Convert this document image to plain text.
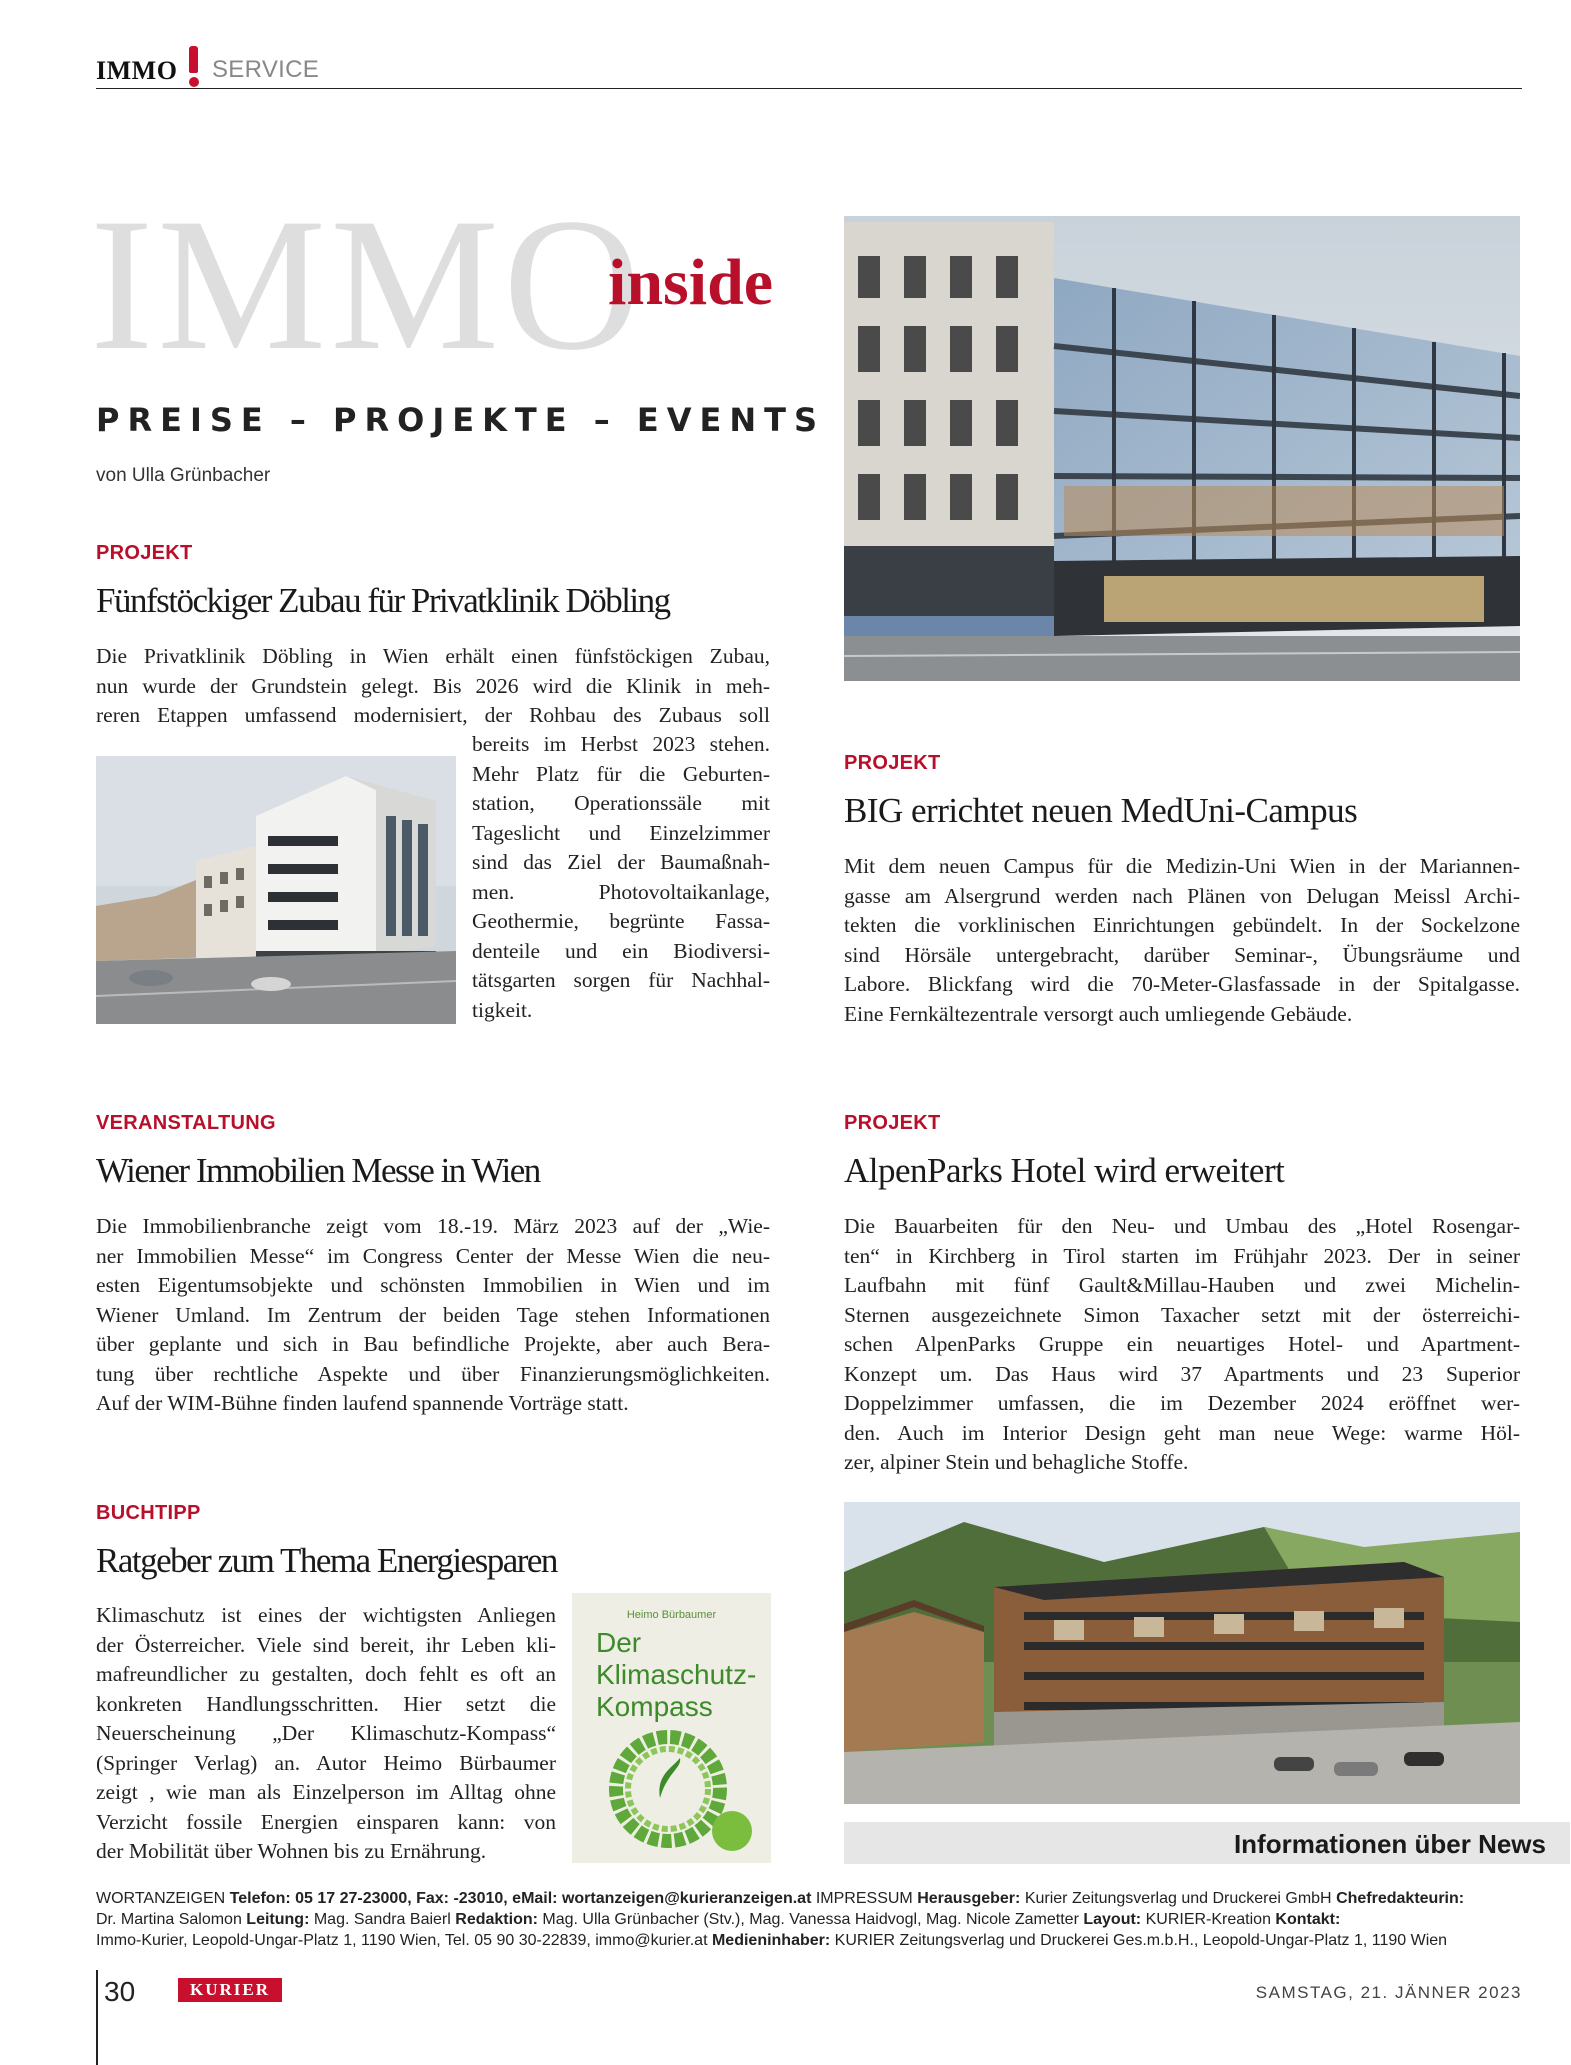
IMMO SERVICE
IMMO
inside
PREISE – PROJEKTE – EVENTS
von Ulla Grünbacher
PROJEKT
Fünfstöckiger Zubau für Privatklinik Döbling

Die Privatklinik Döbling in Wien erhält einen fünfstöckigen Zubau,

nun wurde der Grundstein gelegt. Bis 2026 wird die Klinik in meh-

reren Etappen umfassend modernisiert, der Rohbau des Zubaus soll

bereits im Herbst 2023 stehen.

Mehr Platz für die Geburten-

station, Operationssäle mit

Tageslicht und Einzelzimmer

sind das Ziel der Baumaßnah-

men. Photovoltaikanlage,

Geothermie, begrünte Fassa-

denteile und ein Biodiversi-

tätsgarten sorgen für Nachhal-

tigkeit.

PROJEKT
BIG errichtet neuen MedUni-Campus

Mit dem neuen Campus für die Medizin-Uni Wien in der Mariannen-

gasse am Alsergrund werden nach Plänen von Delugan Meissl Archi-

tekten die vorklinischen Einrichtungen gebündelt. In der Sockelzone

sind Hörsäle untergebracht, darüber Seminar-, Übungsräume und

Labore. Blickfang wird die 70-Meter-Glasfassade in der Spitalgasse.

Eine Fernkältezentrale versorgt auch umliegende Gebäude.

VERANSTALTUNG
Wiener Immobilien Messe in Wien

Die Immobilienbranche zeigt vom 18.-19. März 2023 auf der „Wie-

ner Immobilien Messe“ im Congress Center der Messe Wien die neu-

esten Eigentumsobjekte und schönsten Immobilien in Wien und im

Wiener Umland. Im Zentrum der beiden Tage stehen Informationen

über geplante und sich in Bau befindliche Projekte, aber auch Bera-

tung über rechtliche Aspekte und über Finanzierungsmöglichkeiten.

Auf der WIM-Bühne finden laufend spannende Vorträge statt.

PROJEKT
AlpenParks Hotel wird erweitert

Die Bauarbeiten für den Neu- und Umbau des „Hotel Rosengar-

ten“ in Kirchberg in Tirol starten im Frühjahr 2023. Der in seiner

Laufbahn mit fünf Gault&Millau-Hauben und zwei Michelin-

Sternen ausgezeichnete Simon Taxacher setzt mit der österreichi-

schen AlpenParks Gruppe ein neuartiges Hotel- und Apartment-

Konzept um. Das Haus wird 37 Apartments und 23 Superior

Doppelzimmer umfassen, die im Dezember 2024 eröffnet wer-

den. Auch im Interior Design geht man neue Wege: warme Höl-

zer, alpiner Stein und behagliche Stoffe.

BUCHTIPP
Ratgeber zum Thema Energiesparen

Klimaschutz ist eines der wichtigsten Anliegen

der Österreicher. Viele sind bereit, ihr Leben kli-

mafreundlicher zu gestalten, doch fehlt es oft an

konkreten Handlungsschritten. Hier setzt die

Neuerscheinung „Der Klimaschutz-Kompass“

(Springer Verlag) an. Autor Heimo Bürbaumer

zeigt , wie man als Einzelperson im Alltag ohne

Verzicht fossile Energien einsparen kann: von

der Mobilität über Wohnen bis zu Ernährung.

Heimo Bürbaumer
Der
Klimaschutz-
Kompass
Informationen über News
WORTANZEIGEN Telefon: 05 17 27-23000, Fax: -23010, eMail: wortanzeigen@kurieranzeigen.at IMPRESSUM Herausgeber: Kurier Zeitungsverlag und Druckerei GmbH Chefredakteurin:
Dr. Martina Salomon Leitung: Mag. Sandra Baierl Redaktion: Mag. Ulla Grünbacher (Stv.), Mag. Vanessa Haidvogl, Mag. Nicole Zametter Layout: KURIER-Kreation Kontakt:
Immo-Kurier, Leopold-Ungar-Platz 1, 1190 Wien, Tel. 05 90 30-22839, immo@kurier.at Medieninhaber: KURIER Zeitungsverlag und Druckerei Ges.m.b.H., Leopold-Ungar-Platz 1, 1190 Wien
30	KURIER	SAMSTAG, 21. JÄNNER 2023
